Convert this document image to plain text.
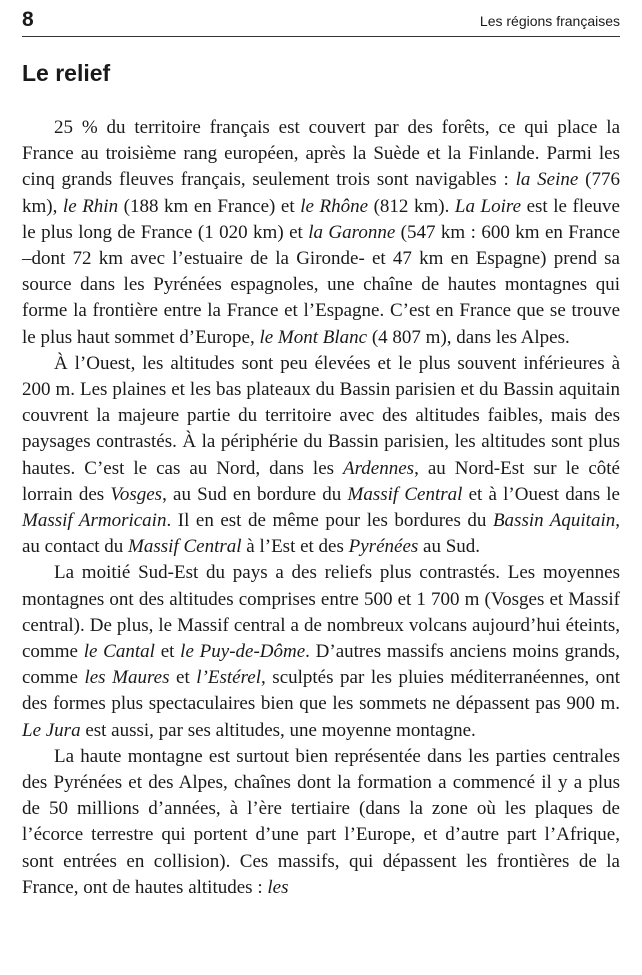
8	Les régions françaises
Le relief

25 % du territoire français est couvert par des forêts, ce qui place la France au troisième rang européen, après la Suède et la Finlande. Parmi les cinq grands fleuves français, seulement trois sont navigables : la Seine (776 km), le Rhin (188 km en France) et le Rhône (812 km). La Loire est le fleuve le plus long de France (1 020 km) et la Garonne (547 km : 600 km en France –dont 72 km avec l’estuaire de la Gironde- et 47 km en Espagne) prend sa source dans les Pyrénées espagnoles, une chaîne de hautes montagnes qui forme la frontière entre la France et l’Espagne. C’est en France que se trouve le plus haut sommet d’Europe, le Mont Blanc (4 807 m), dans les Alpes.

À l’Ouest, les altitudes sont peu élevées et le plus souvent inférieures à 200 m. Les plaines et les bas plateaux du Bassin parisien et du Bassin aquitain couvrent la majeure partie du territoire avec des altitudes faibles, mais des paysages contrastés. À la périphérie du Bassin parisien, les altitudes sont plus hautes. C’est le cas au Nord, dans les Ardennes, au Nord-Est sur le côté lorrain des Vosges, au Sud en bordure du Massif Central et à l’Ouest dans le Massif Armoricain. Il en est de même pour les bordures du Bassin Aquitain, au contact du Massif Central à l’Est et des Pyrénées au Sud.

La moitié Sud-Est du pays a des reliefs plus contrastés. Les moyennes montagnes ont des altitudes comprises entre 500 et 1 700 m (Vosges et Massif central). De plus, le Massif central a de nombreux volcans aujourd’hui éteints, comme le Cantal et le Puy-de-Dôme. D’autres massifs anciens moins grands, comme les Maures et l’Estérel, sculptés par les pluies méditerranéennes, ont des formes plus spectaculaires bien que les sommets ne dépassent pas 900 m. Le Jura est aussi, par ses altitudes, une moyenne montagne.

La haute montagne est surtout bien représentée dans les parties centrales des Pyrénées et des Alpes, chaînes dont la formation a commencé il y a plus de 50 millions d’années, à l’ère tertiaire (dans la zone où les plaques de l’écorce terrestre qui portent d’une part l’Europe, et d’autre part l’Afrique, sont entrées en collision). Ces massifs, qui dépassent les frontières de la France, ont de hautes altitudes : les
